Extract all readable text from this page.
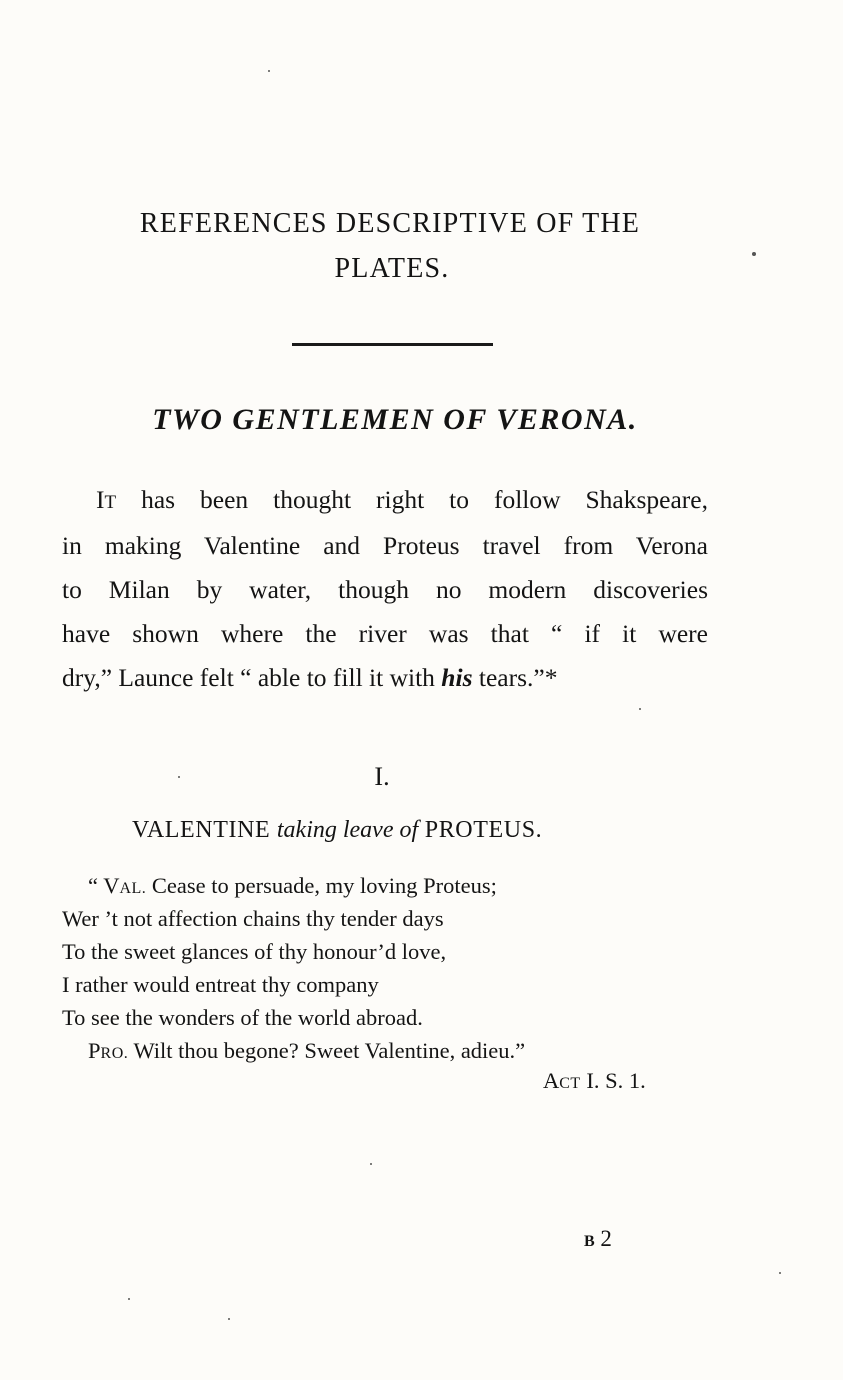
REFERENCES DESCRIPTIVE OF THE
PLATES.
TWO GENTLEMEN OF VERONA.
IT has been thought right to follow Shakspeare,
in making Valentine and Proteus travel from Verona
to Milan by water, though no modern discoveries
have shown where the river was that “ if it were
dry,” Launce felt “ able to fill it with his tears.”*
I.
VALENTINE taking leave of PROTEUS.
“ VAL. Cease to persuade, my loving Proteus;
Wer ’t not affection chains thy tender days
To the sweet glances of thy honour’d love,
I rather would entreat thy company
To see the wonders of the world abroad.
PRO. Wilt thou begone? Sweet Valentine, adieu.”
ACT I. S. 1.
B 2
